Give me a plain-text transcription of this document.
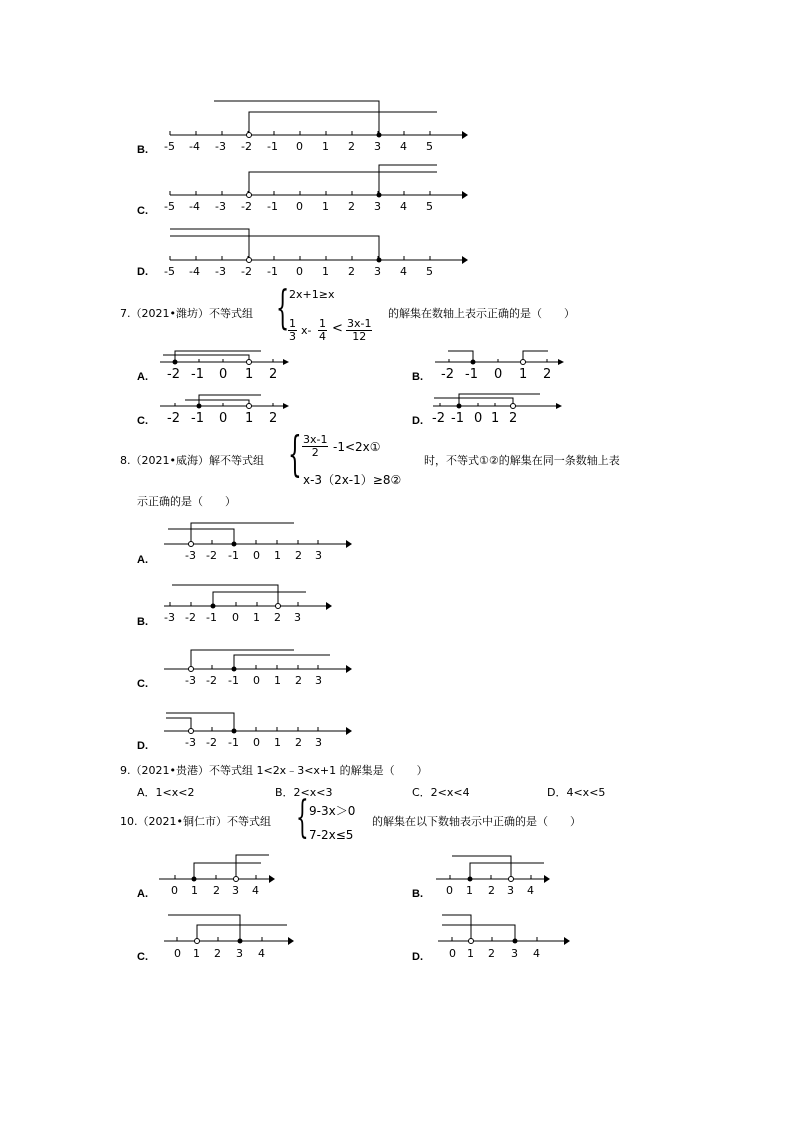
B. -5 -4 -3 -2 -1 0 1 2 3 4 5
C. -5 -4 -3 -2 -1 0 1 2 3 4 5
D. -5 -4 -3 -2 -1 0 1 2 3 4 5
7.（2021•潍坊）不等式组 { 2x+1≥x
$\frac{1}{3} x- \frac{1}{4} < \frac{3x-1}{12}$
的解集在数轴上表示正确的是（　　）
A. -2 -1 0 1 2	B. -2 -1 0 1 2
C. -2 -1 0 1 2	D. -2 -1 0 1 2
8.（2021•威海）解不等式组 { $\frac{3x-1}{2}$ -1<2x①
x-3（2x-1）≥8②
时，不等式①②的解集在同一条数轴上表
示正确的是（　　）
A.	-3 -2 -1 0 1 2 3
B. -3 -2 -1 0 1 2 3
C.	-3 -2 -1 0 1 2 3
D.	-3 -2 -1 0 1 2 3
9.（2021•贵港）不等式组 1<2x﹣3<x+1 的解集是（　　）
A．1<x<2	B．2<x<3	C．2<x<4	D．4<x<5
10.（2021•铜仁市）不等式组 { 9-3x＞0
7-2x≤5
的解集在以下数轴表示中正确的是（　　）
A. 0 1 2 3 4	B. 0 1 2 3 4
C. 0 1 2 3 4	D. 0 1 2 3 4
